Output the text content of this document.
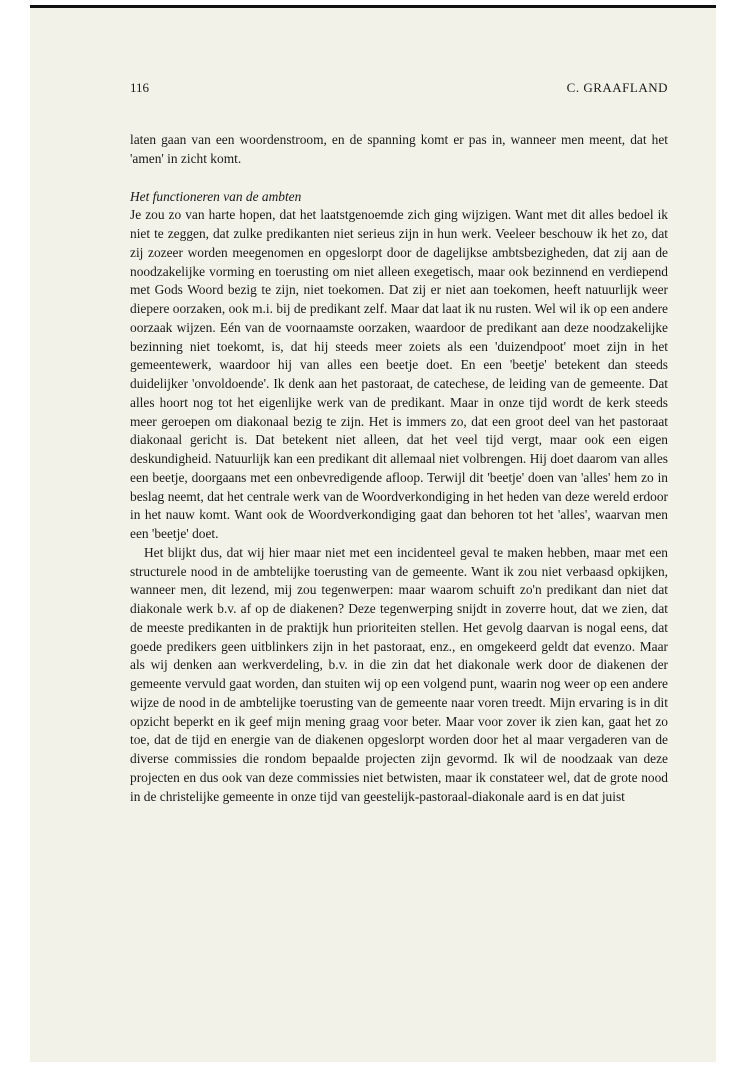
116	C. GRAAFLAND

laten gaan van een woordenstroom, en de spanning komt er pas in, wanneer men meent, dat het 'amen' in zicht komt.

Het functioneren van de ambten

Je zou zo van harte hopen, dat het laatstgenoemde zich ging wijzigen. Want met dit alles bedoel ik niet te zeggen, dat zulke predikanten niet serieus zijn in hun werk. Veeleer beschouw ik het zo, dat zij zozeer worden meegenomen en opgeslorpt door de dagelijkse ambtsbezigheden, dat zij aan de noodzakelijke vorming en toerusting om niet alleen exegetisch, maar ook bezinnend en verdiepend met Gods Woord bezig te zijn, niet toekomen. Dat zij er niet aan toekomen, heeft natuurlijk weer diepere oorzaken, ook m.i. bij de predikant zelf. Maar dat laat ik nu rusten. Wel wil ik op een andere oorzaak wijzen. Eén van de voornaamste oorzaken, waardoor de predikant aan deze noodzakelijke bezinning niet toekomt, is, dat hij steeds meer zoiets als een 'duizendpoot' moet zijn in het gemeentewerk, waardoor hij van alles een beetje doet. En een 'beetje' betekent dan steeds duidelijker 'onvoldoende'. Ik denk aan het pastoraat, de catechese, de leiding van de gemeente. Dat alles hoort nog tot het eigenlijke werk van de predikant. Maar in onze tijd wordt de kerk steeds meer geroepen om diakonaal bezig te zijn. Het is immers zo, dat een groot deel van het pastoraat diakonaal gericht is. Dat betekent niet alleen, dat het veel tijd vergt, maar ook een eigen deskundigheid. Natuurlijk kan een predikant dit allemaal niet volbrengen. Hij doet daarom van alles een beetje, doorgaans met een onbevredigende afloop. Terwijl dit 'beetje' doen van 'alles' hem zo in beslag neemt, dat het centrale werk van de Woordverkondiging in het heden van deze wereld erdoor in het nauw komt. Want ook de Woordverkondiging gaat dan behoren tot het 'alles', waarvan men een 'beetje' doet.

Het blijkt dus, dat wij hier maar niet met een incidenteel geval te maken hebben, maar met een structurele nood in de ambtelijke toerusting van de gemeente. Want ik zou niet verbaasd opkijken, wanneer men, dit lezend, mij zou tegenwerpen: maar waarom schuift zo'n predikant dan niet dat diakonale werk b.v. af op de diakenen? Deze tegenwerping snijdt in zoverre hout, dat we zien, dat de meeste predikanten in de praktijk hun prioriteiten stellen. Het gevolg daarvan is nogal eens, dat goede predikers geen uitblinkers zijn in het pastoraat, enz., en omgekeerd geldt dat evenzo. Maar als wij denken aan werkverdeling, b.v. in die zin dat het diakonale werk door de diakenen der gemeente vervuld gaat worden, dan stuiten wij op een volgend punt, waarin nog weer op een andere wijze de nood in de ambtelijke toerusting van de gemeente naar voren treedt. Mijn ervaring is in dit opzicht beperkt en ik geef mijn mening graag voor beter. Maar voor zover ik zien kan, gaat het zo toe, dat de tijd en energie van de diakenen opgeslorpt worden door het al maar vergaderen van de diverse commissies die rondom bepaalde projecten zijn gevormd. Ik wil de noodzaak van deze projecten en dus ook van deze commissies niet betwisten, maar ik constateer wel, dat de grote nood in de christelijke gemeente in onze tijd van geestelijk-pastoraal-diakonale aard is en dat juist
